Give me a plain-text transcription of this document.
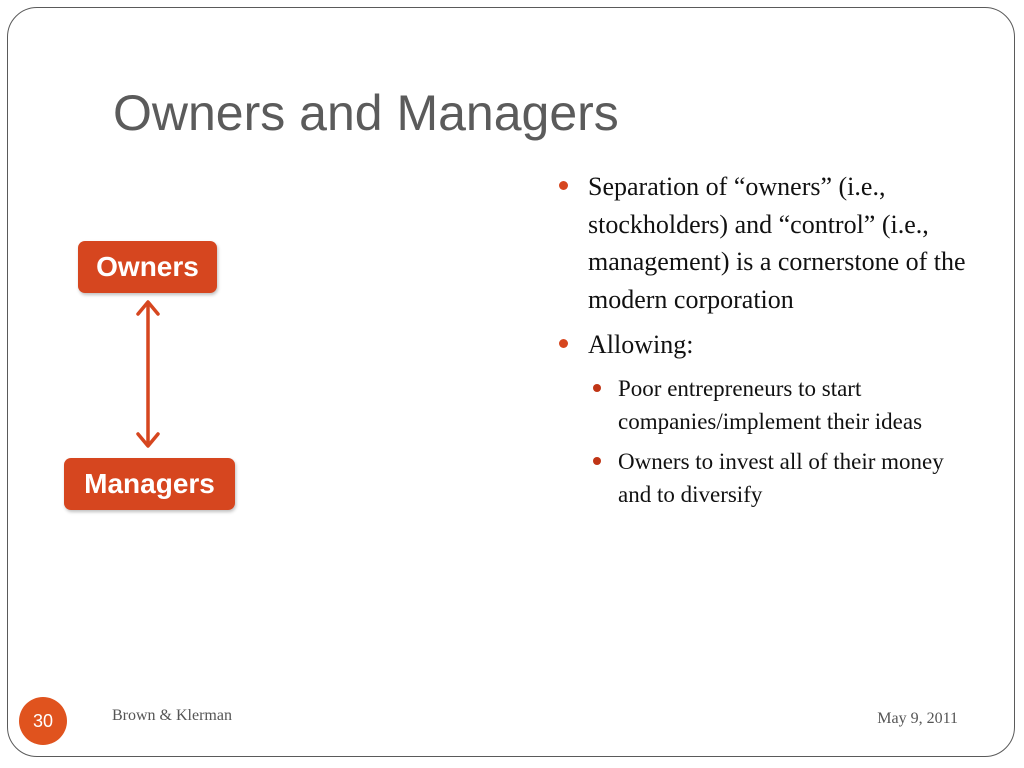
Owners and Managers
Owners
Managers
Separation of “owners” (i.e., stockholders) and “control” (i.e., management) is a cornerstone of the modern corporation
Allowing:
Poor entrepreneurs to start companies/implement their ideas
Owners to invest all of their money and to diversify
30	Brown & Klerman	May 9, 2011
